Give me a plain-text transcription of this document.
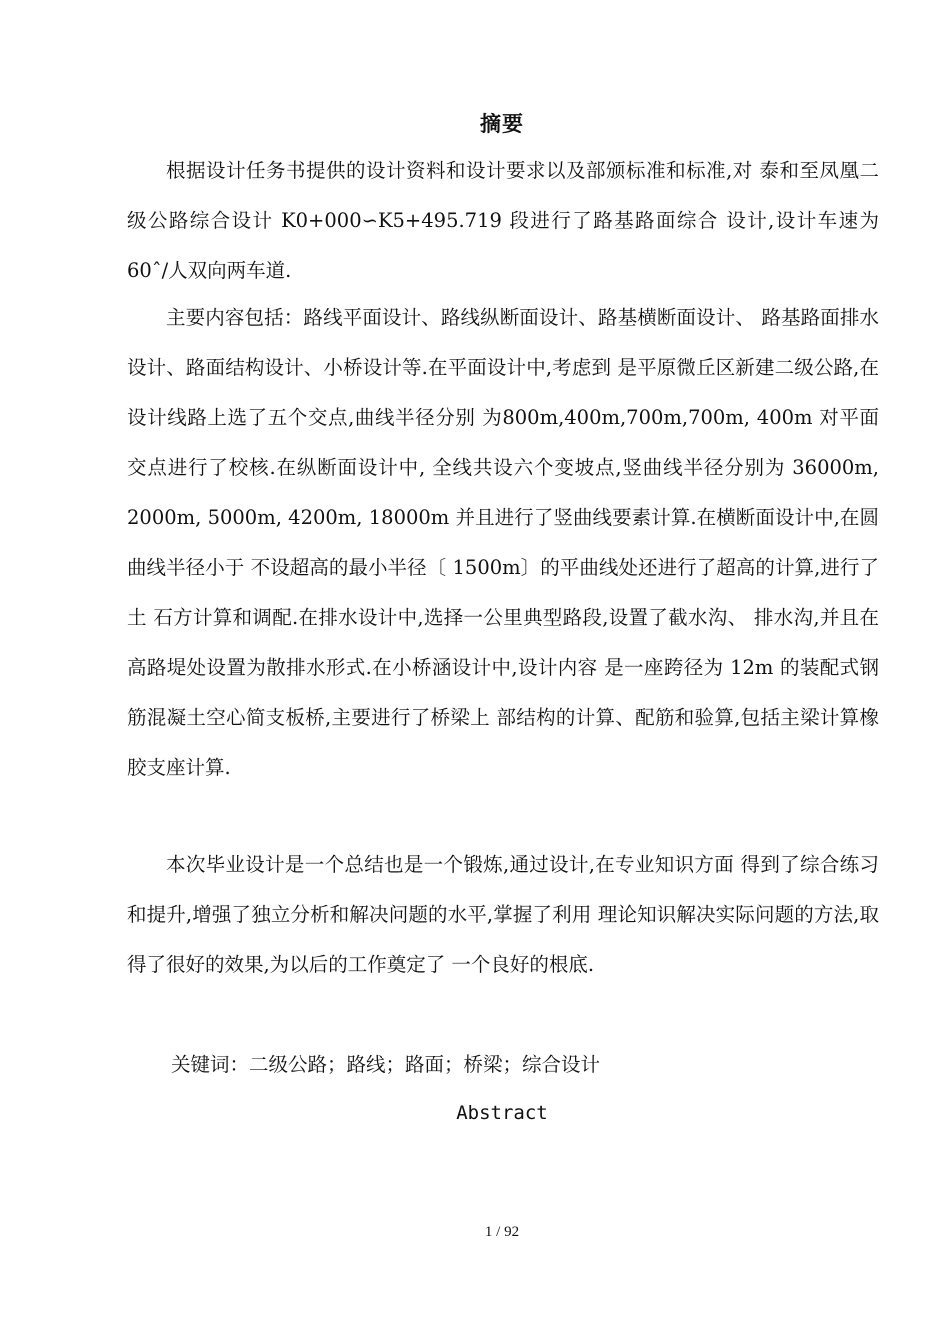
摘要
根据设计任务书提供的设计资料和设计要求以及部颁标准和标准,对 泰和至凤凰二级公路综合设计 K0+000∽K5+495.719 段进行了路基路面综合 设计,设计车速为 60ˆ/人双向两车道.
主要内容包括：路线平面设计、路线纵断面设计、路基横断面设计、 路基路面排水设计、路面结构设计、小桥设计等.在平面设计中,考虑到 是平原微丘区新建二级公路,在设计线路上选了五个交点,曲线半径分别 为800m,400m,700m,700m, 400m 对平面交点进行了校核.在纵断面设计中, 全线共设六个变坡点,竖曲线半径分别为 36000m, 2000m, 5000m, 4200m, 18000m 并且进行了竖曲线要素计算.在横断面设计中,在圆曲线半径小于 不设超高的最小半径〔 1500m〕的平曲线处还进行了超高的计算,进行了土 石方计算和调配.在排水设计中,选择一公里典型路段,设置了截水沟、 排水沟,并且在高路堤处设置为散排水形式.在小桥涵设计中,设计内容 是一座跨径为 12m 的装配式钢筋混凝土空心简支板桥,主要进行了桥梁上 部结构的计算、配筋和验算,包括主梁计算橡胶支座计算.
本次毕业设计是一个总结也是一个锻炼,通过设计,在专业知识方面 得到了综合练习和提升,增强了独立分析和解决问题的水平,掌握了利用 理论知识解决实际问题的方法,取得了很好的效果,为以后的工作奠定了 一个良好的根底.
关键词：二级公路；路线；路面；桥梁；综合设计
Abstract
1 / 92
